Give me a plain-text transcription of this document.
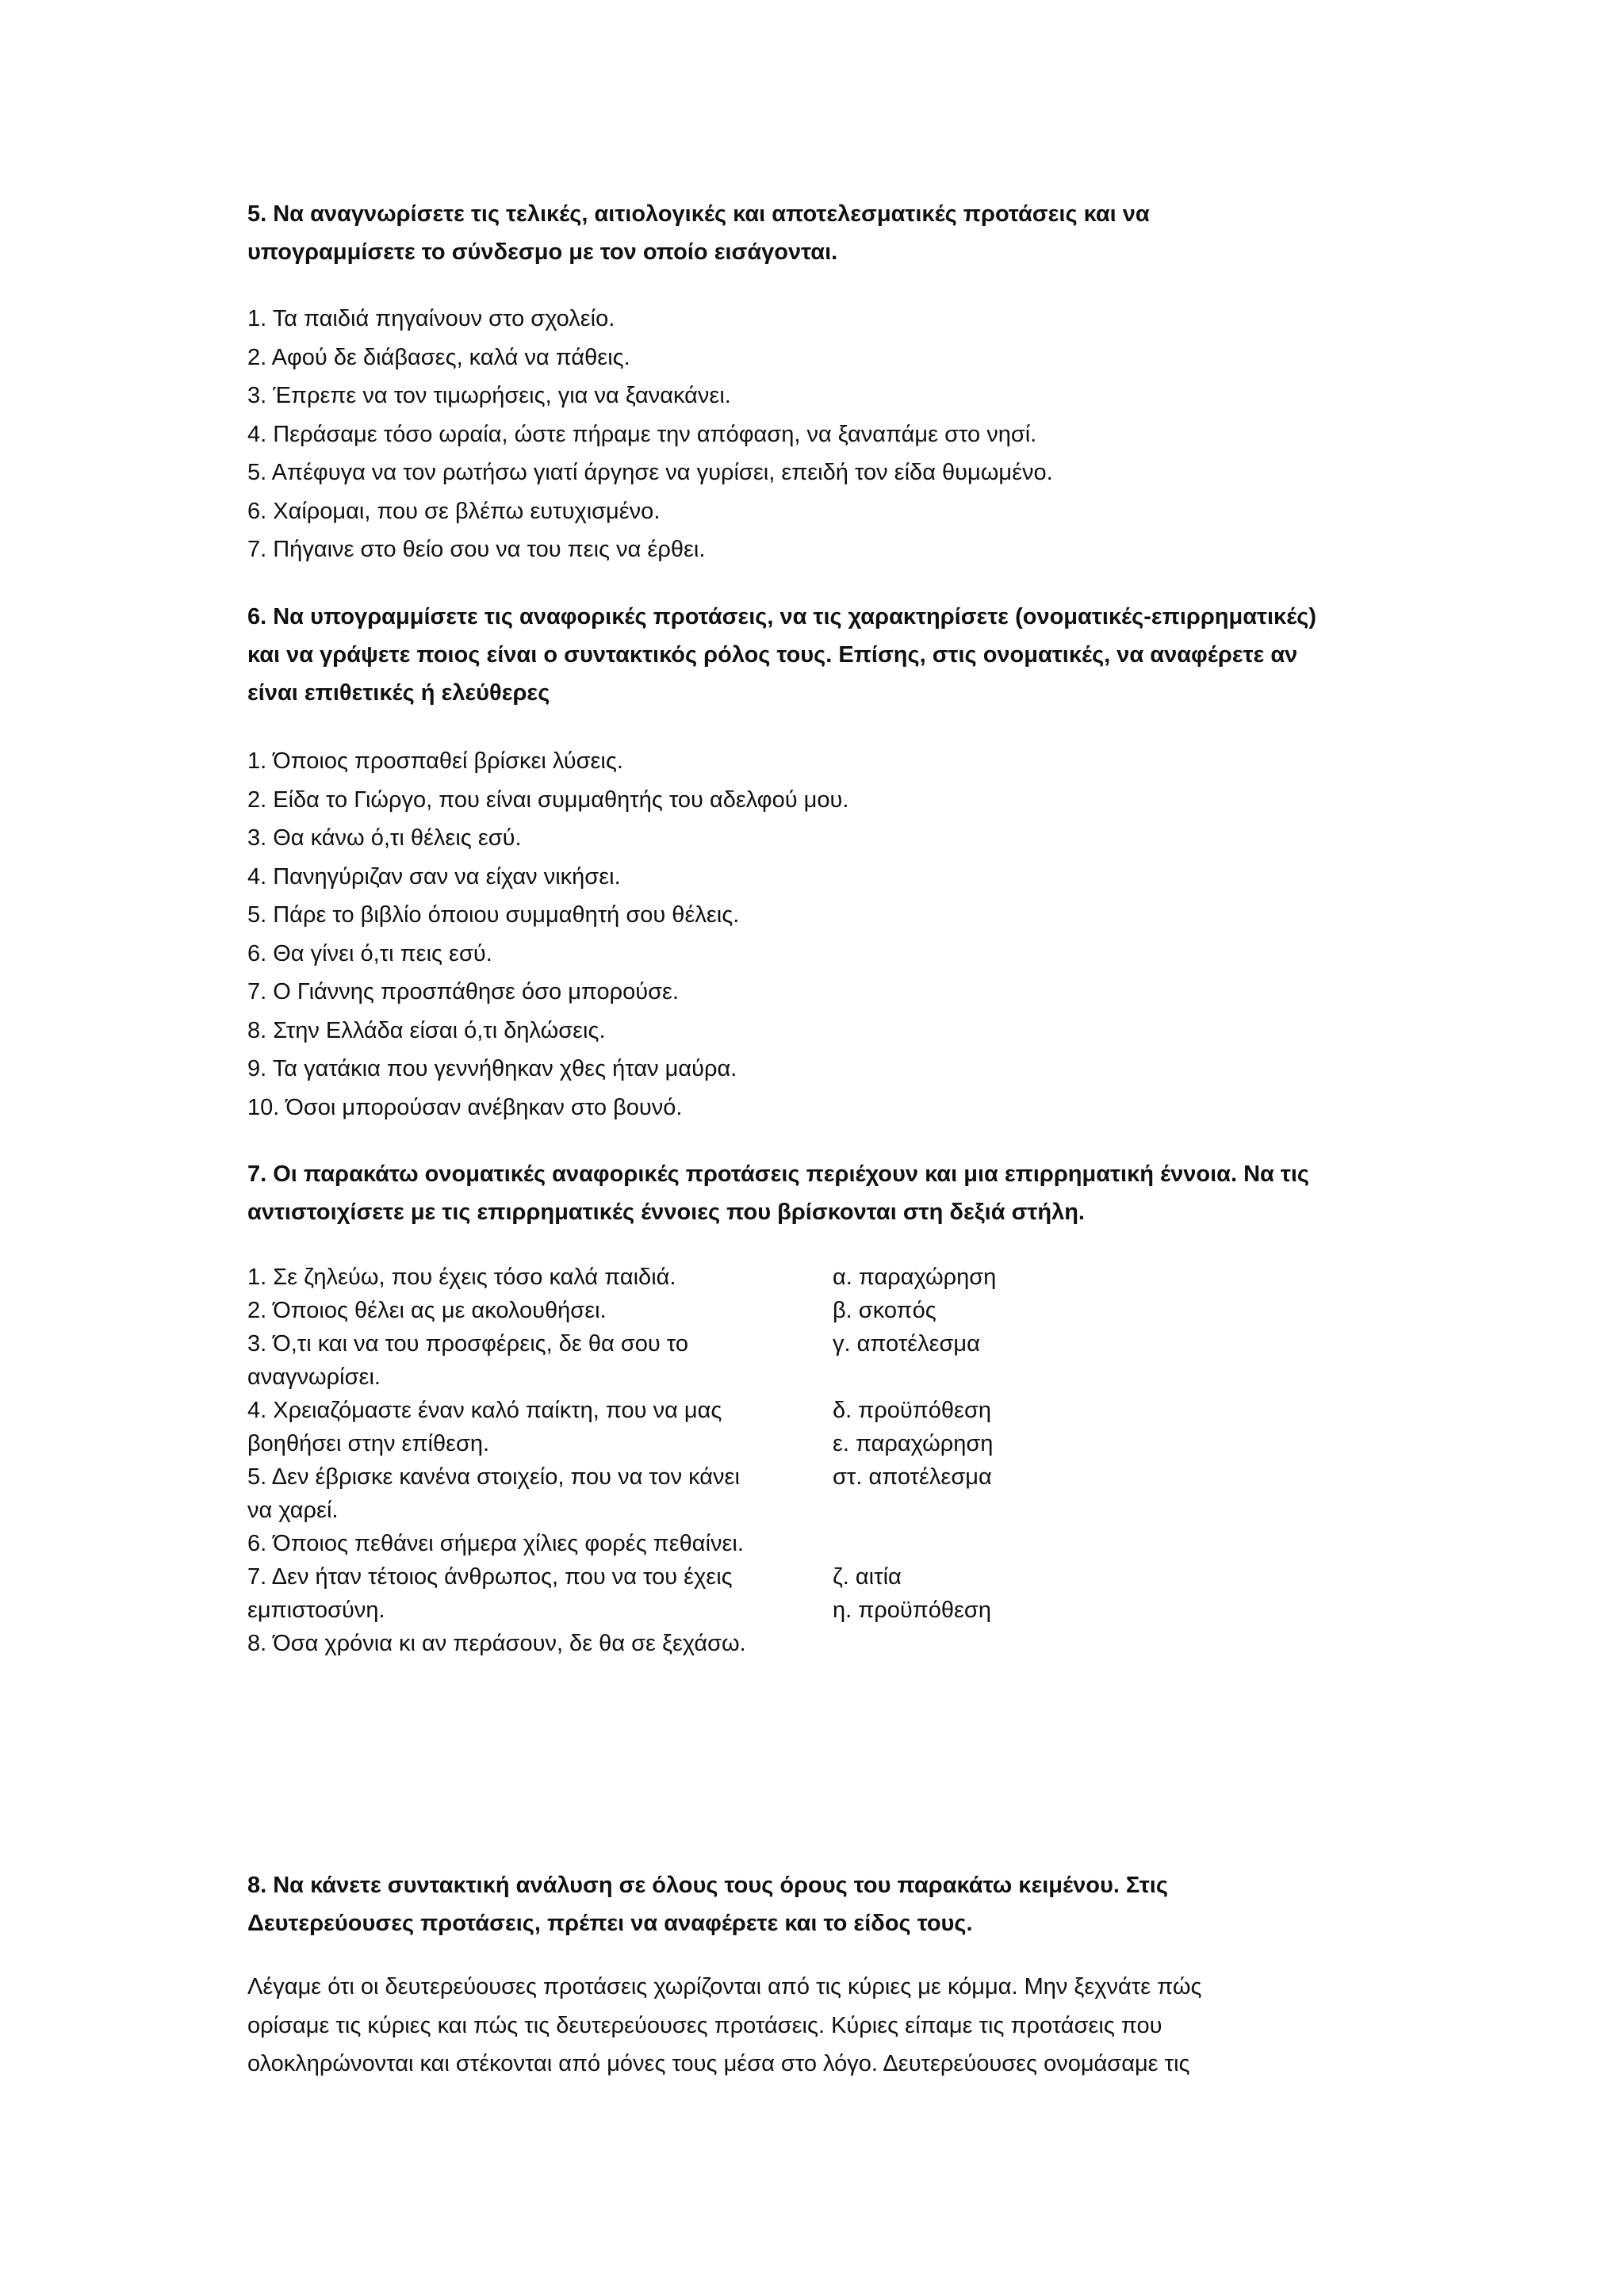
5. Να αναγνωρίσετε τις τελικές, αιτιολογικές και αποτελεσματικές προτάσεις και να

υπογραμμίσετε το σύνδεσμο με τον οποίο εισάγονται.

1. Τα παιδιά πηγαίνουν στο σχολείο.
2. Αφού δε διάβασες, καλά να πάθεις.
3. Έπρεπε να τον τιμωρήσεις, για να ξανακάνει.
4. Περάσαμε τόσο ωραία, ώστε πήραμε την απόφαση, να ξαναπάμε στο νησί.
5. Απέφυγα να τον ρωτήσω γιατί άργησε να γυρίσει, επειδή τον είδα θυμωμένο.
6. Χαίρομαι, που σε βλέπω ευτυχισμένο.
7. Πήγαινε στο θείο σου να του πεις να έρθει.

6. Να υπογραμμίσετε τις αναφορικές προτάσεις, να τις χαρακτηρίσετε (ονοματικές-επιρρηματικές)

και να γράψετε ποιος είναι ο συντακτικός ρόλος τους. Επίσης, στις ονοματικές, να αναφέρετε αν

είναι επιθετικές ή ελεύθερες

1. Όποιος προσπαθεί βρίσκει λύσεις.
2. Είδα το Γιώργο, που είναι συμμαθητής του αδελφού μου.
3. Θα κάνω ό,τι θέλεις εσύ.
4. Πανηγύριζαν σαν να είχαν νικήσει.
5. Πάρε το βιβλίο όποιου συμμαθητή σου θέλεις.
6. Θα γίνει ό,τι πεις εσύ.
7. Ο Γιάννης προσπάθησε όσο μπορούσε.
8. Στην Ελλάδα είσαι ό,τι δηλώσεις.
9. Τα γατάκια που γεννήθηκαν χθες ήταν μαύρα.
10. Όσοι μπορούσαν ανέβηκαν στο βουνό.

7. Οι παρακάτω ονοματικές αναφορικές προτάσεις περιέχουν και μια επιρρηματική έννοια. Να τις

αντιστοιχίσετε με τις επιρρηματικές έννοιες που βρίσκονται στη δεξιά στήλη.

1. Σε ζηλεύω, που έχεις τόσο καλά παιδιά.	α. παραχώρηση
2. Όποιος θέλει ας με ακολουθήσει.	β. σκοπός
3. Ό,τι και να του προσφέρεις, δε θα σου το	γ. αποτέλεσμα
αναγνωρίσει.
4. Χρειαζόμαστε έναν καλό παίκτη, που να μας	δ. προϋπόθεση
βοηθήσει στην επίθεση.	ε. παραχώρηση
5. Δεν έβρισκε κανένα στοιχείο, που να τον κάνει	στ. αποτέλεσμα
να χαρεί.
6. Όποιος πεθάνει σήμερα χίλιες φορές πεθαίνει.
7. Δεν ήταν τέτοιος άνθρωπος, που να του έχεις	ζ. αιτία
εμπιστοσύνη.	η. προϋπόθεση
8. Όσα χρόνια κι αν περάσουν, δε θα σε ξεχάσω.

8. Να κάνετε συντακτική ανάλυση σε όλους τους όρους του παρακάτω κειμένου. Στις

Δευτερεύουσες προτάσεις, πρέπει να αναφέρετε και το είδος τους.

Λέγαμε ότι οι δευτερεύουσες προτάσεις χωρίζονται από τις κύριες με κόμμα. Μην ξεχνάτε πώς

ορίσαμε τις κύριες και πώς τις δευτερεύουσες προτάσεις. Κύριες είπαμε τις προτάσεις που

ολοκληρώνονται και στέκονται από μόνες τους μέσα στο λόγο. Δευτερεύουσες ονομάσαμε τις
